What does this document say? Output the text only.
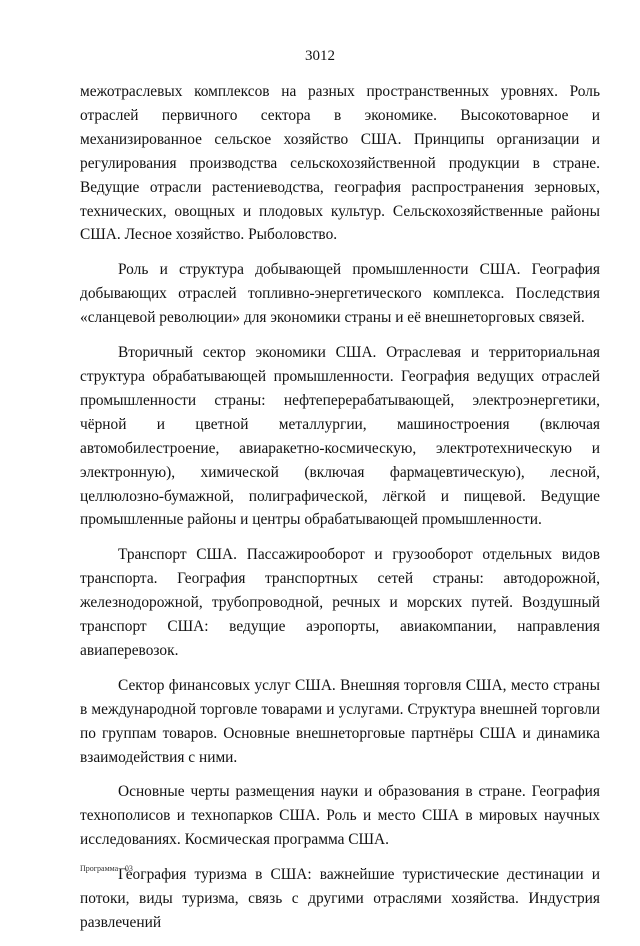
3012

межотраслевых комплексов на разных пространственных уровнях. Роль отраслей первичного сектора в экономике. Высокотоварное и механизированное сельское хозяйство США. Принципы организации и регулирования производства сельскохозяйственной продукции в стране. Ведущие отрасли растениеводства, география распространения зерновых, технических, овощных и плодовых культур. Сельскохозяйственные районы США. Лесное хозяйство. Рыболовство.

Роль и структура добывающей промышленности США. География добывающих отраслей топливно-энергетического комплекса. Последствия «сланцевой революции» для экономики страны и её внешнеторговых связей.

Вторичный сектор экономики США. Отраслевая и территориальная структура обрабатывающей промышленности. География ведущих отраслей промышленности страны: нефтеперерабатывающей, электроэнергетики, чёрной и цветной металлургии, машиностроения (включая автомобилестроение, авиаракетно-космическую, электротехническую и электронную), химической (включая фармацевтическую), лесной, целлюлозно-бумажной, полиграфической, лёгкой и пищевой. Ведущие промышленные районы и центры обрабатывающей промышленности.

Транспорт США. Пассажирооборот и грузооборот отдельных видов транспорта. География транспортных сетей страны: автодорожной, железнодорожной, трубопроводной, речных и морских путей. Воздушный транспорт США: ведущие аэропорты, авиакомпании, направления авиаперевозок.

Сектор финансовых услуг США. Внешняя торговля США, место страны в международной торговле товарами и услугами. Структура внешней торговли по группам товаров. Основные внешнеторговые партнёры США и динамика взаимодействия с ними.

Основные черты размещения науки и образования в стране. География технополисов и технопарков США. Роль и место США в мировых научных исследованиях. Космическая программа США.

География туризма в США: важнейшие туристические дестинации и потоки, виды туризма, связь с другими отраслями хозяйства. Индустрия развлечений

Программа - 03
